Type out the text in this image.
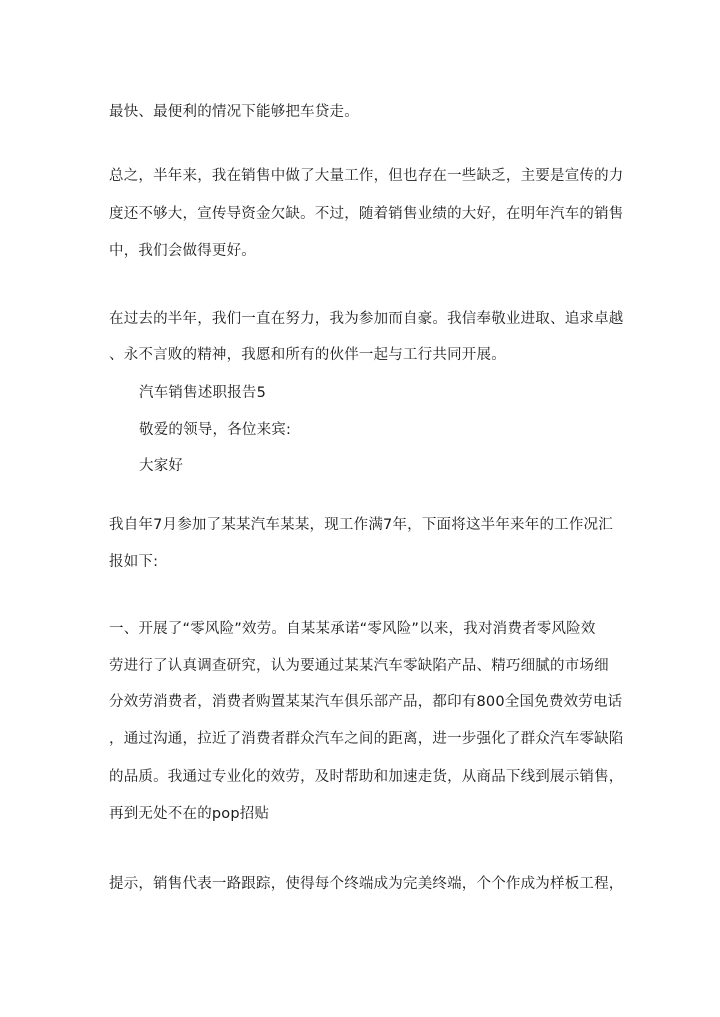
最快、最便利的情况下能够把车贷走。
总之，半年来，我在销售中做了大量工作，但也存在一些缺乏，主要是宣传的力
度还不够大，宣传导资金欠缺。不过，随着销售业绩的大好，在明年汽车的销售
中，我们会做得更好。
在过去的半年，我们一直在努力，我为参加而自豪。我信奉敬业进取、追求卓越
、永不言败的精神，我愿和所有的伙伴一起与工行共同开展。
汽车销售述职报告5
敬爱的领导，各位来宾:
大家好
我自年7月参加了某某汽车某某，现工作满7年，下面将这半年来年的工作况汇
报如下:
一、开展了“零风险”效劳。自某某承诺“零风险”以来，我对消费者零风险效
劳进行了认真调查研究，认为要通过某某汽车零缺陷产品、精巧细腻的市场细
分效劳消费者，消费者购置某某汽车俱乐部产品，都印有800全国免费效劳电话
，通过沟通，拉近了消费者群众汽车之间的距离，进一步强化了群众汽车零缺陷
的品质。我通过专业化的效劳，及时帮助和加速走货，从商品下线到展示销售，
再到无处不在的pop招贴
提示，销售代表一路跟踪，使得每个终端成为完美终端，个个作成为样板工程，
